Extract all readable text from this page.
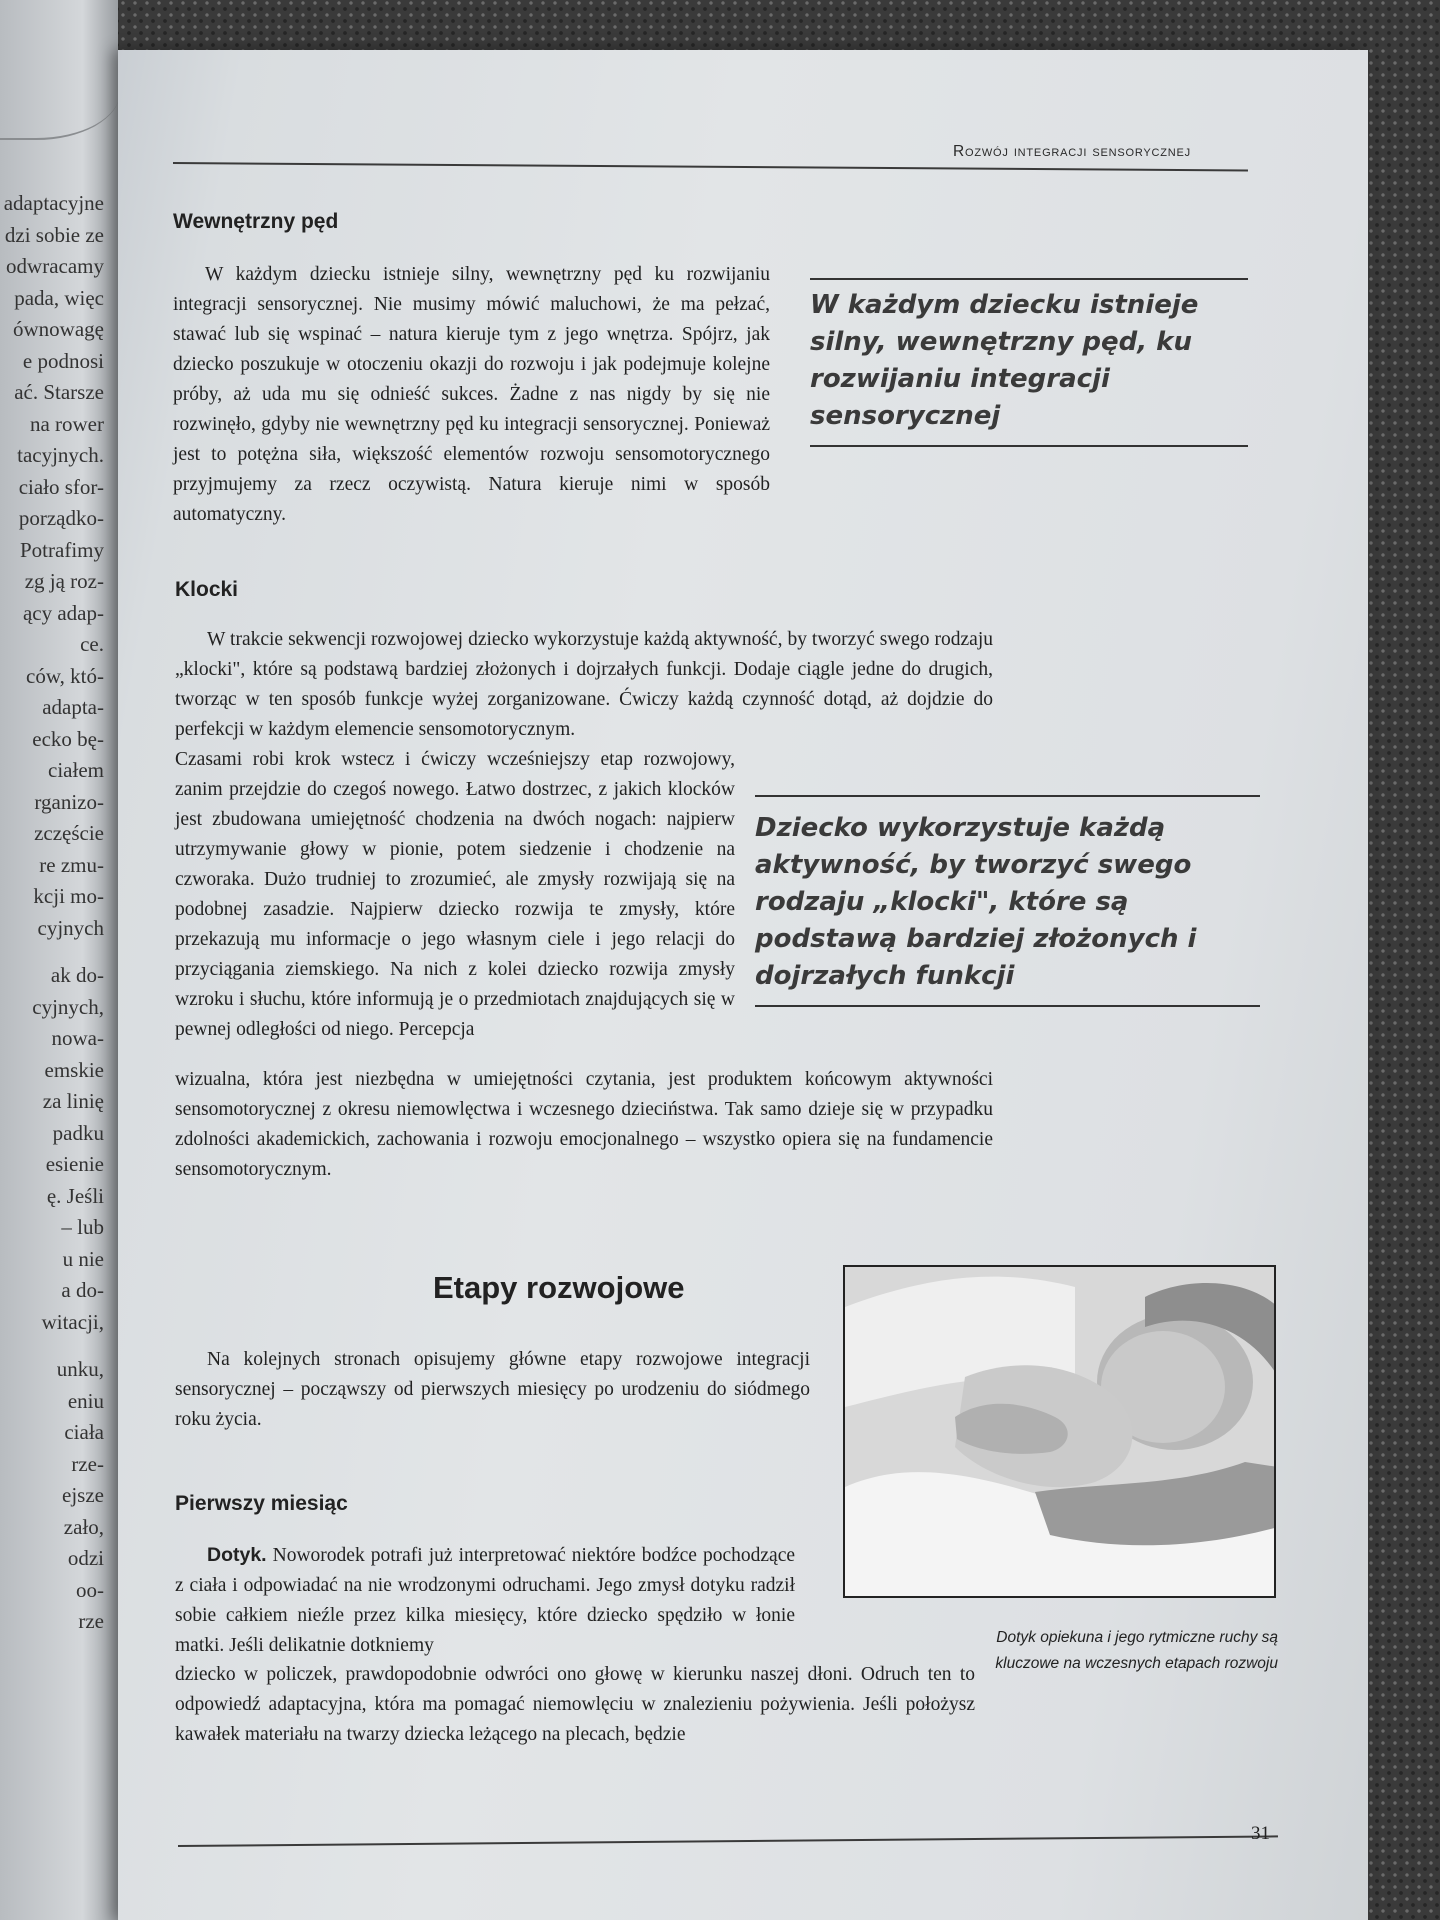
adaptacyjne
dzi sobie ze
odwracamy
pada, więc
ównowagę
e podnosi
ać. Starsze
na rower
tacyjnych.
ciało sfor-
porządko-
Potrafimy
zg ją roz-
ący adap-
ce.
ców, któ-
adapta-
ecko bę-
ciałem
rganizo-
zczęście
re zmu-
kcji mo-
cyjnych
ak do-
cyjnych,
nowa-
emskie
za linię
padku
esienie
ę. Jeśli
– lub
u nie
a do-
witacji,
unku,
eniu
ciała
rze-
ejsze
zało,
odzi
oo-
rze
Rozwój integracji sensorycznej
Wewnętrzny pęd

W każdym dziecku istnieje silny, wewnętrzny pęd ku rozwijaniu integracji sensorycznej. Nie musimy mówić maluchowi, że ma pełzać, stawać lub się wspinać – natura kieruje tym z jego wnętrza. Spójrz, jak dziecko poszukuje w otoczeniu okazji do rozwoju i jak podejmuje kolejne próby, aż uda mu się odnieść sukces. Żadne z nas nigdy by się nie rozwinęło, gdyby nie wewnętrzny pęd ku integracji sensorycznej. Ponieważ jest to potężna siła, większość elementów rozwoju sensomotorycznego przyjmujemy za rzecz oczywistą. Natura kieruje nimi w sposób automatyczny.

W każdym dziecku istnieje silny, wewnętrzny pęd, ku rozwijaniu integracji sensorycznej
Klocki

W trakcie sekwencji rozwojowej dziecko wykorzystuje każdą aktywność, by tworzyć swego rodzaju „klocki", które są podstawą bardziej złożonych i dojrzałych funkcji. Dodaje ciągle jedne do drugich, tworząc w ten sposób funkcje wyżej zorganizowane. Ćwiczy każdą czynność dotąd, aż dojdzie do perfekcji w każdym elemencie sensomotorycznym.

Czasami robi krok wstecz i ćwiczy wcześniejszy etap rozwojowy, zanim przejdzie do czegoś nowego. Łatwo dostrzec, z jakich klocków jest zbudowana umiejętność chodzenia na dwóch nogach: najpierw utrzymywanie głowy w pionie, potem siedzenie i chodzenie na czworaka. Dużo trudniej to zrozumieć, ale zmysły rozwijają się na podobnej zasadzie. Najpierw dziecko rozwija te zmysły, które przekazują mu informacje o jego własnym ciele i jego relacji do przyciągania ziemskiego. Na nich z kolei dziecko rozwija zmysły wzroku i słuchu, które informują je o przedmiotach znajdujących się w pewnej odległości od niego. Percepcja

wizualna, która jest niezbędna w umiejętności czytania, jest produktem końcowym aktywności sensomotorycznej z okresu niemowlęctwa i wczesnego dzieciństwa. Tak samo dzieje się w przypadku zdolności akademickich, zachowania i rozwoju emocjonalnego – wszystko opiera się na fundamencie sensomotorycznym.

Dziecko wykorzystuje każdą aktywność, by tworzyć swego rodzaju „klocki", które są podstawą bardziej złożonych i dojrzałych funkcji
Etapy rozwojowe

Na kolejnych stronach opisujemy główne etapy rozwojowe integracji sensorycznej – począwszy od pierwszych miesięcy po urodzeniu do siódmego roku życia.

Dotyk opiekuna i jego rytmiczne ruchy są kluczowe na wczesnych etapach rozwoju
Pierwszy miesiąc

Dotyk. Noworodek potrafi już interpretować niektóre bodźce pochodzące z ciała i odpowiadać na nie wrodzonymi odruchami. Jego zmysł dotyku radził sobie całkiem nieźle przez kilka miesięcy, które dziecko spędziło w łonie matki. Jeśli delikatnie dotkniemy

dziecko w policzek, prawdopodobnie odwróci ono głowę w kierunku naszej dłoni. Odruch ten to odpowiedź adaptacyjna, która ma pomagać niemowlęciu w znalezieniu pożywienia. Jeśli położysz kawałek materiału na twarzy dziecka leżącego na plecach, będzie

31
